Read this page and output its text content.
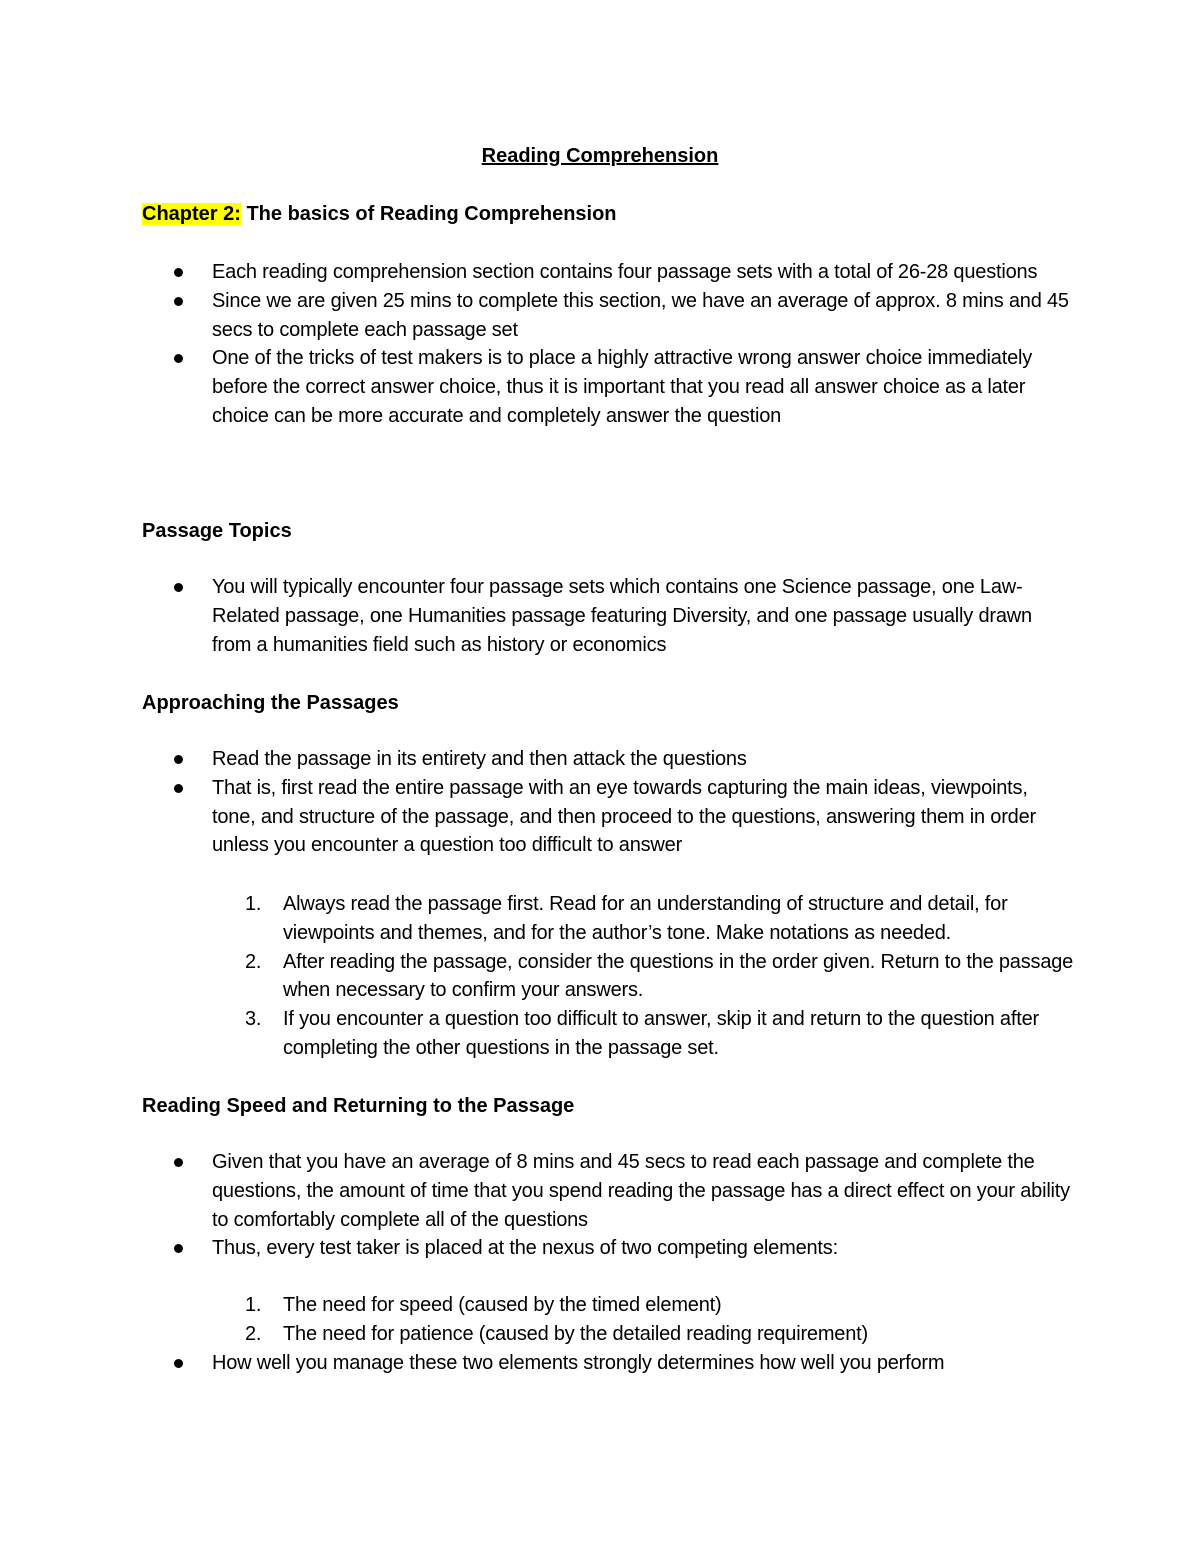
Reading Comprehension
Chapter 2: The basics of Reading Comprehension
Each reading comprehension section contains four passage sets with a total of 26-28 questions
Since we are given 25 mins to complete this section, we have an average of approx. 8 mins and 45 secs to complete each passage set
One of the tricks of test makers is to place a highly attractive wrong answer choice immediately before the correct answer choice, thus it is important that you read all answer choice as a later choice can be more accurate and completely answer the question
Passage Topics
You will typically encounter four passage sets which contains one Science passage, one Law-Related passage, one Humanities passage featuring Diversity, and one passage usually drawn from a humanities field such as history or economics
Approaching the Passages
Read the passage in its entirety and then attack the questions
That is, first read the entire passage with an eye towards capturing the main ideas, viewpoints, tone, and structure of the passage, and then proceed to the questions, answering them in order unless you encounter a question too difficult to answer
1. Always read the passage first. Read for an understanding of structure and detail, for viewpoints and themes, and for the author’s tone. Make notations as needed.
2. After reading the passage, consider the questions in the order given. Return to the passage when necessary to confirm your answers.
3. If you encounter a question too difficult to answer, skip it and return to the question after completing the other questions in the passage set.
Reading Speed and Returning to the Passage
Given that you have an average of 8 mins and 45 secs to read each passage and complete the questions, the amount of time that you spend reading the passage has a direct effect on your ability to comfortably complete all of the questions
Thus, every test taker is placed at the nexus of two competing elements:
1. The need for speed (caused by the timed element)
2. The need for patience (caused by the detailed reading requirement)
How well you manage these two elements strongly determines how well you perform
